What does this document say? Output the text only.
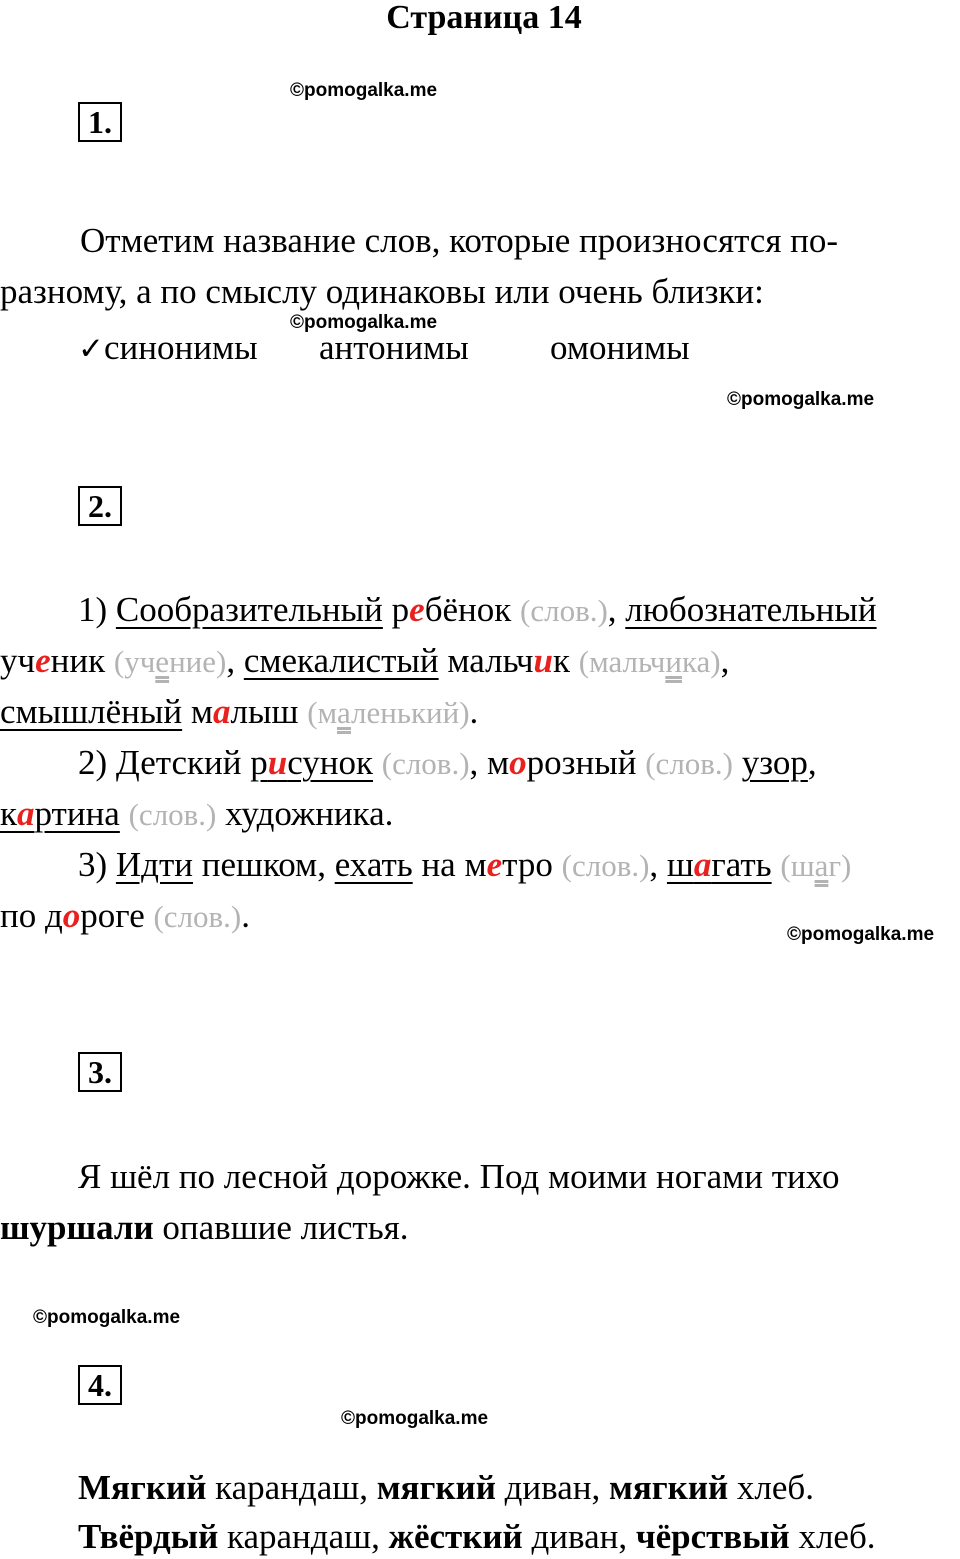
Страница 14
©pomogalka.me
©pomogalka.me
©pomogalka.me
©pomogalka.me
©pomogalka.me
©pomogalka.me
1.
Отметим название слов, которые произносятся по-
разному, а по смыслу одинаковы или очень близки:
✓синонимы	антонимы	омонимы
2.
1) Сообразительный ребёнок (слов.), любознательный
ученик (учение), смекалистый мальчик (мальчика),
смышлёный малыш (маленький).
2) Детский рисунок (слов.), морозный (слов.) узор,
картина (слов.) художника.
3) Идти пешком, ехать на метро (слов.), шагать (шаг)
по дороге (слов.).
3.
Я шёл по лесной дорожке. Под моими ногами тихо
шуршали опавшие листья.
4.
Мягкий карандаш, мягкий диван, мягкий хлеб.
Твёрдый карандаш, жёсткий диван, чёрствый хлеб.
